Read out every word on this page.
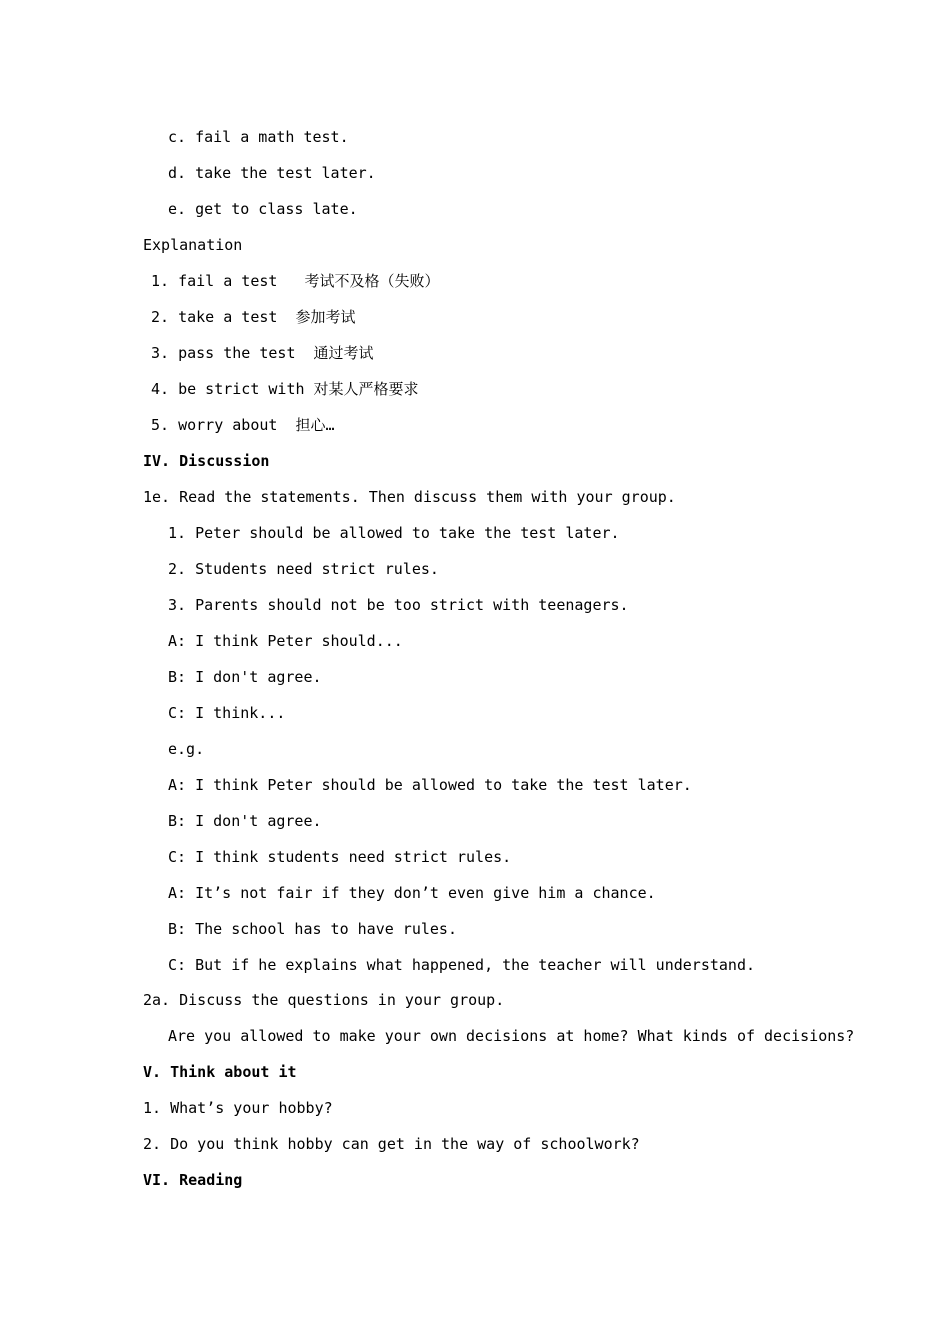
c. fail a math test.
d. take the test later.
e. get to class late.
Explanation
1. fail a test   考试不及格（失败）
2. take a test  参加考试
3. pass the test  通过考试
4. be strict with 对某人严格要求
5. worry about  担心…
IV. Discussion
1e. Read the statements. Then discuss them with your group.
1. Peter should be allowed to take the test later.
2. Students need strict rules.
3. Parents should not be too strict with teenagers.
A: I think Peter should...
B: I don't agree.
C: I think...
e.g.
A: I think Peter should be allowed to take the test later.
B: I don't agree.
C: I think students need strict rules.
A: It’s not fair if they don’t even give him a chance.
B: The school has to have rules.
C: But if he explains what happened, the teacher will understand.
2a. Discuss the questions in your group.
Are you allowed to make your own decisions at home? What kinds of decisions?
V. Think about it
1. What’s your hobby?
2. Do you think hobby can get in the way of schoolwork?
VI. Reading
